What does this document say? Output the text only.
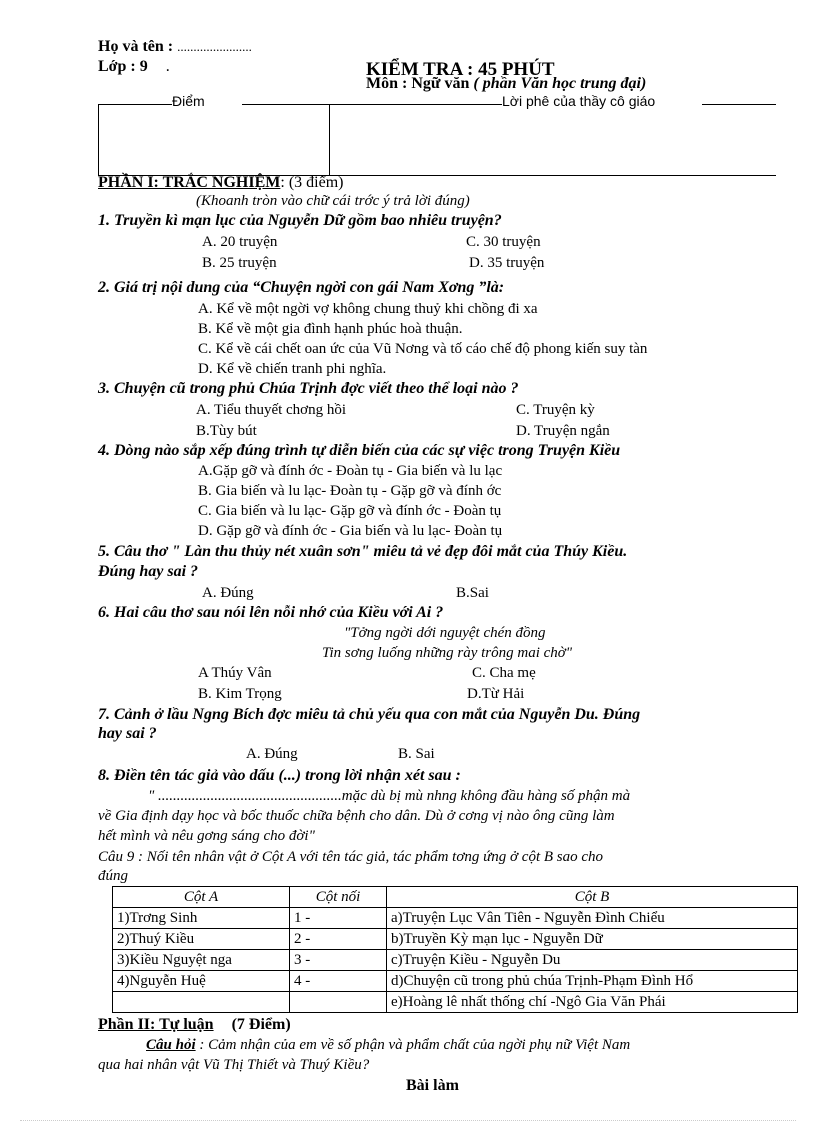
Họ và tên : .......................
Lớp : 9 .	KIỂM TRA : 45 PHÚT
Môn : Ngữ văn ( phần Văn học trung đại)
Điểm	Lời phê của thầy cô giáo
PHẦN I: TRẮC NGHIỆM: (3 điểm)
(Khoanh tròn vào chữ cái trớc ý trả lời đúng)
1. Truyền kì mạn lục của Nguyễn Dữ gồm bao nhiêu truyện?
A. 20 truyện	C. 30 truyện
B. 25 truyện	D. 35 truyện
2. Giá trị nội dung của “Chuyện ngời con gái Nam Xơng ”là:
A. Kể về một ngời vợ không chung thuỷ khi chồng đi xa
B. Kể về một gia đình hạnh phúc hoà thuận.
C. Kể về cái chết oan ức của Vũ Nơng và tố cáo chế độ phong kiến suy tàn
D. Kể về chiến tranh phi nghĩa.
3. Chuyện cũ trong phủ Chúa Trịnh đợc viết theo thể loại nào ?
A. Tiểu thuyết chơng hồi	C. Truyện kỳ
B.Tùy bút	D. Truyện ngắn
4. Dòng nào sắp xếp đúng trình tự diễn biến của các sự việc trong Truyện Kiều
A.Gặp gỡ và đính ớc - Đoàn tụ - Gia biến và lu lạc
B. Gia biến và lu lạc- Đoàn tụ - Gặp gỡ và đính ớc
C. Gia biến và lu lạc- Gặp gỡ và đính ớc - Đoàn tụ
D. Gặp gỡ và đính ớc - Gia biến và lu lạc- Đoàn tụ
5. Câu thơ " Làn thu thủy nét xuân sơn" miêu tả vẻ đẹp đôi mắt của Thúy Kiều.
Đúng hay sai ?
A. Đúng	B.Sai
6. Hai câu thơ sau nói lên nỗi nhớ của Kiều với Ai ?
"Tởng ngời dới nguyệt chén đồng
Tin sơng luống những rày trông mai chờ"
A Thúy Vân	C. Cha mẹ
B. Kim Trọng	D.Từ Hải
7. Cảnh ở lầu Ngng Bích đợc miêu tả chủ yếu qua con mắt của Nguyễn Du. Đúng
hay sai ?
A. Đúng	B. Sai
8. Điền tên tác giả vào dấu (...) trong lời nhận xét sau :
" .................................................mặc dù bị mù nhng không đầu hàng số phận mà
về Gia định dạy học và bốc thuốc chữa bệnh cho dân. Dù ở cơng vị nào ông cũng làm
hết mình và nêu gơng sáng cho đời"
Câu 9 : Nối tên nhân vật ở Cột A với tên tác giả, tác phẩm tơng ứng ở cột B sao cho
đúng
Cột A	Cột nối	Cột B
1)Trơng Sinh	1 -	a)Truyện Lục Vân Tiên - Nguyễn Đình Chiểu
2)Thuý Kiều	2 -	b)Truyền Kỳ mạn lục - Nguyễn Dữ
3)Kiều Nguyệt nga	3 -	c)Truyện Kiều - Nguyễn Du
4)Nguyễn Huệ	4 -	d)Chuyện cũ trong phủ chúa Trịnh-Phạm Đình Hổ
		e)Hoàng lê nhất thống chí -Ngô Gia Văn Phái
Phần II: Tự luận (7 Điểm)
Câu hỏi : Cảm nhận của em về số phận và phẩm chất của ngời phụ nữ Việt Nam
qua hai nhân vật Vũ Thị Thiết và Thuý Kiều?
Bài làm
